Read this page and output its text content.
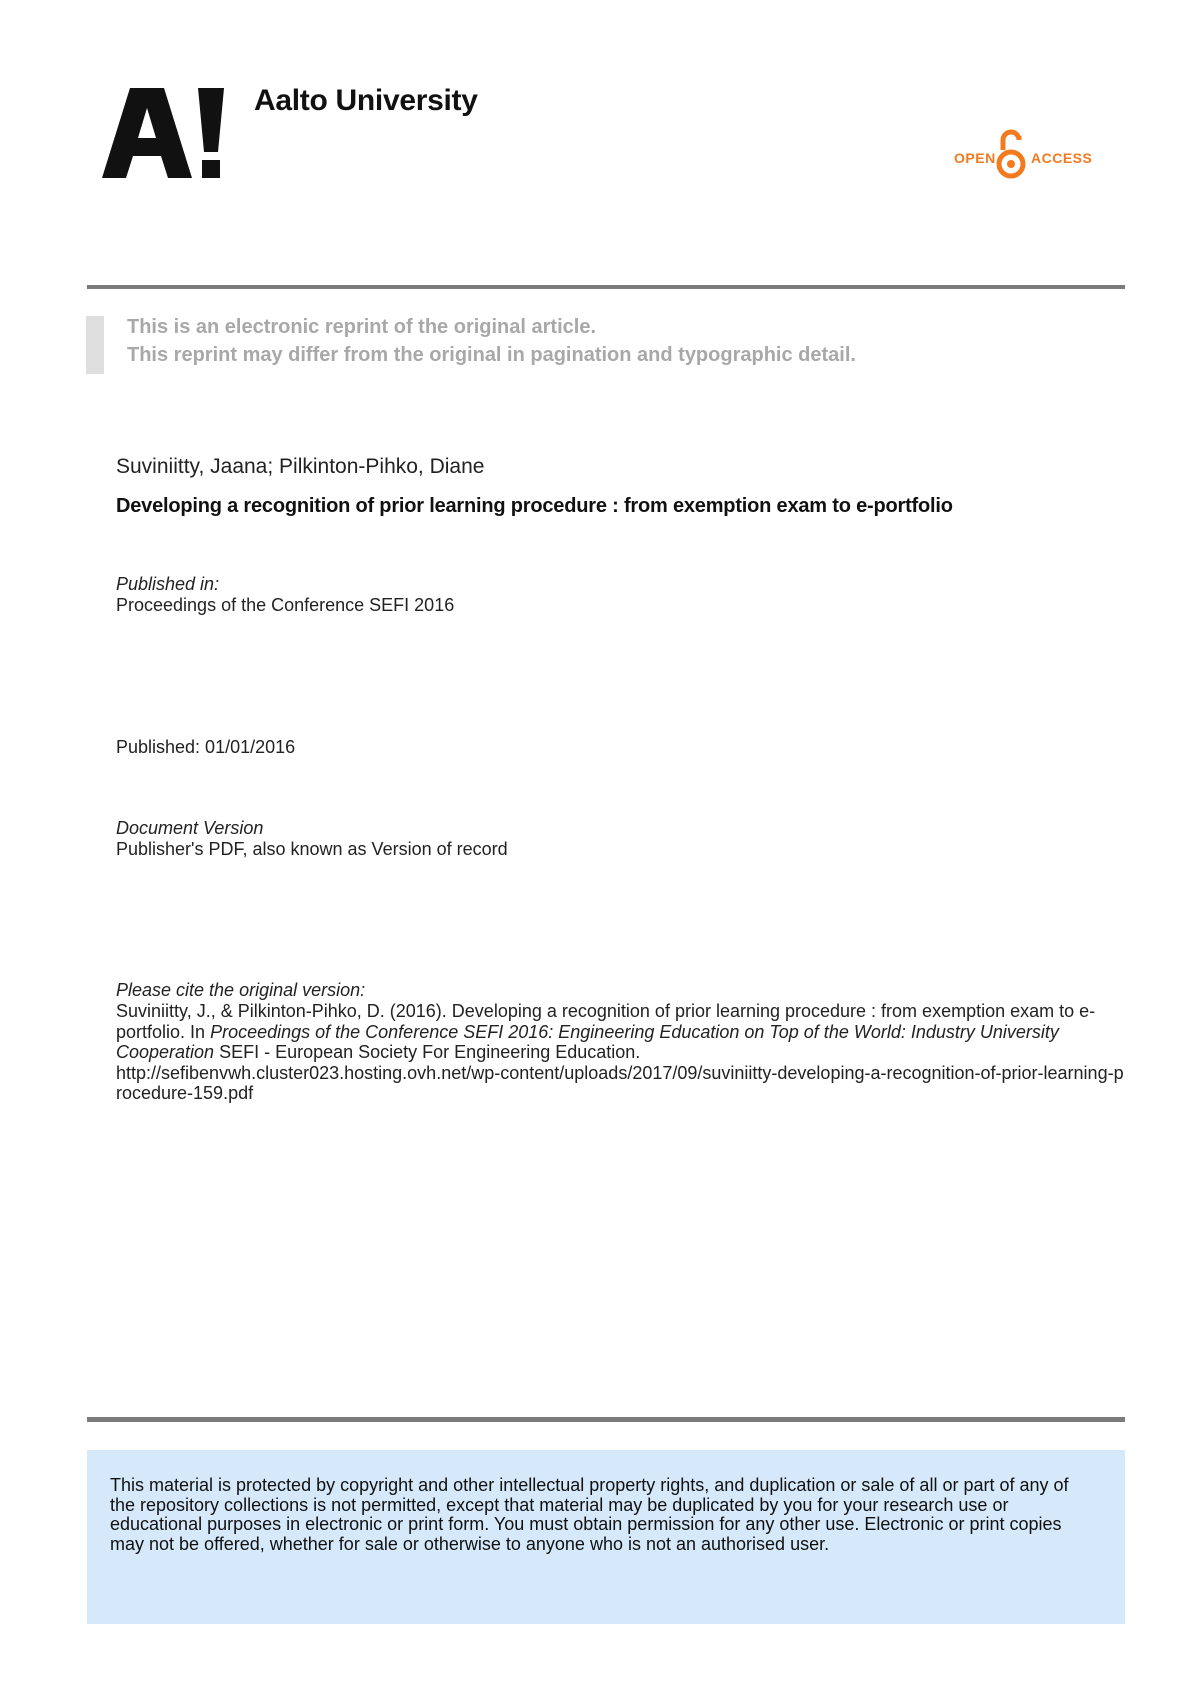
Aalto University
OPEN	ACCESS
This is an electronic reprint of the original article.
This reprint may differ from the original in pagination and typographic detail.
Suviniitty, Jaana; Pilkinton-Pihko, Diane
Developing a recognition of prior learning procedure : from exemption exam to e-portfolio
Published in:
Proceedings of the Conference SEFI 2016
Published: 01/01/2016
Document Version
Publisher's PDF, also known as Version of record
Please cite the original version:
Suviniitty, J., & Pilkinton-Pihko, D. (2016). Developing a recognition of prior learning procedure : from exemption exam to e-portfolio. In Proceedings of the Conference SEFI 2016: Engineering Education on Top of the World: Industry University Cooperation SEFI - European Society For Engineering Education.
http://sefibenvwh.cluster023.hosting.ovh.net/wp-content/uploads/2017/09/suviniitty-developing-a-recognition-of-prior-learning-procedure-159.pdf
This material is protected by copyright and other intellectual property rights, and duplication or sale of all or part of any of the repository collections is not permitted, except that material may be duplicated by you for your research use or educational purposes in electronic or print form. You must obtain permission for any other use. Electronic or print copies may not be offered, whether for sale or otherwise to anyone who is not an authorised user.
